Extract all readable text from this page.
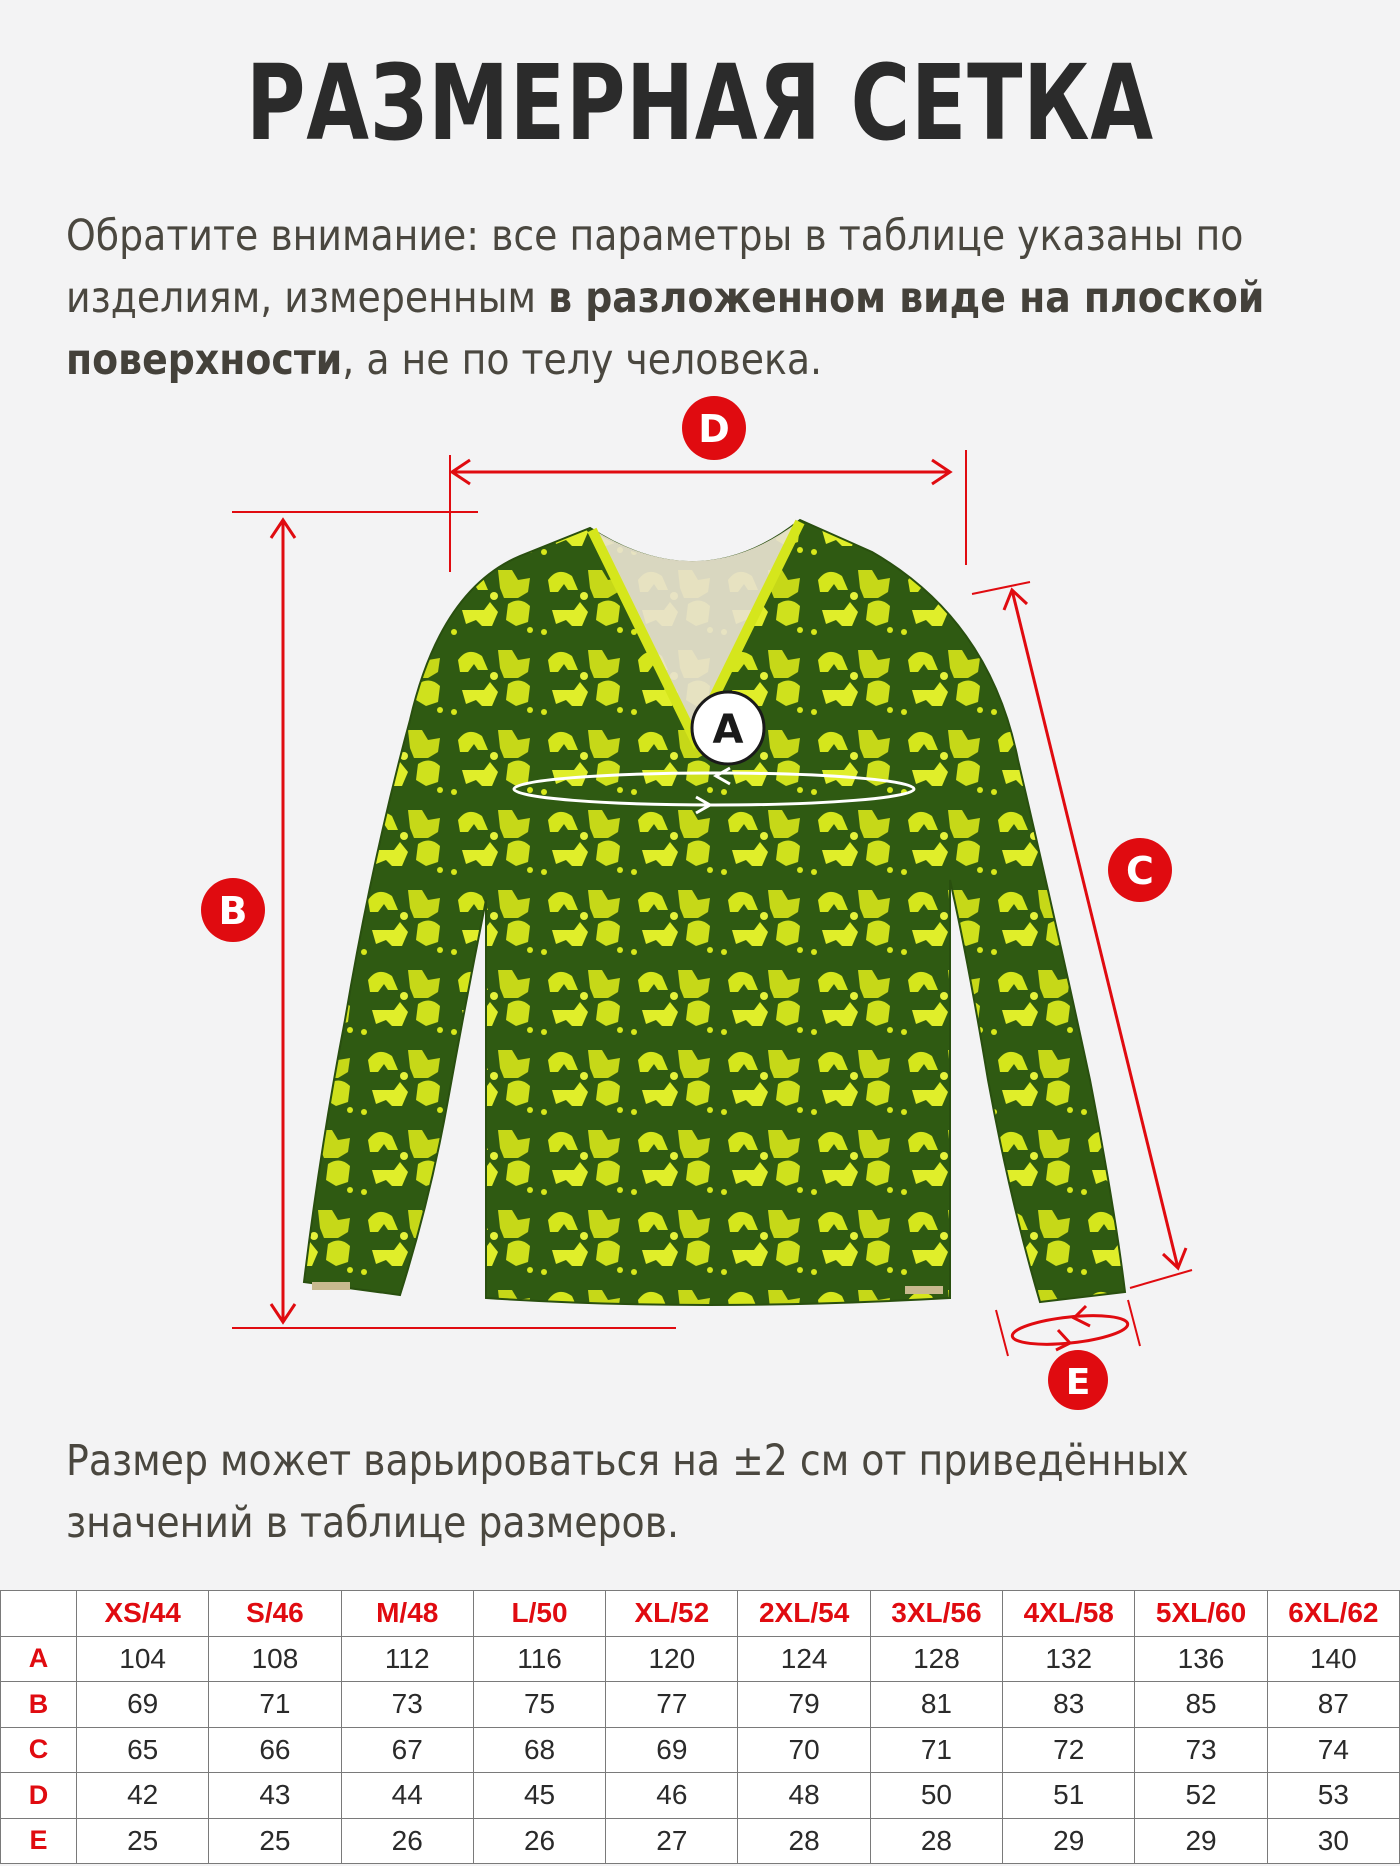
РАЗМЕРНАЯ СЕТКА
Обратите внимание: все параметры в таблице указаны по изделиям, измеренным в разложенном виде на плоской поверхности, а не по телу человека.
D
B
C
E
A
Размер может варьироваться на ±2 см от приведённых значений в таблице размеров.
	XS/44	S/46	M/48	L/50	XL/52	2XL/54	3XL/56	4XL/58	5XL/60	6XL/62
A	104	108	112	116	120	124	128	132	136	140
B	69	71	73	75	77	79	81	83	85	87
C	65	66	67	68	69	70	71	72	73	74
D	42	43	44	45	46	48	50	51	52	53
E	25	25	26	26	27	28	28	29	29	30
